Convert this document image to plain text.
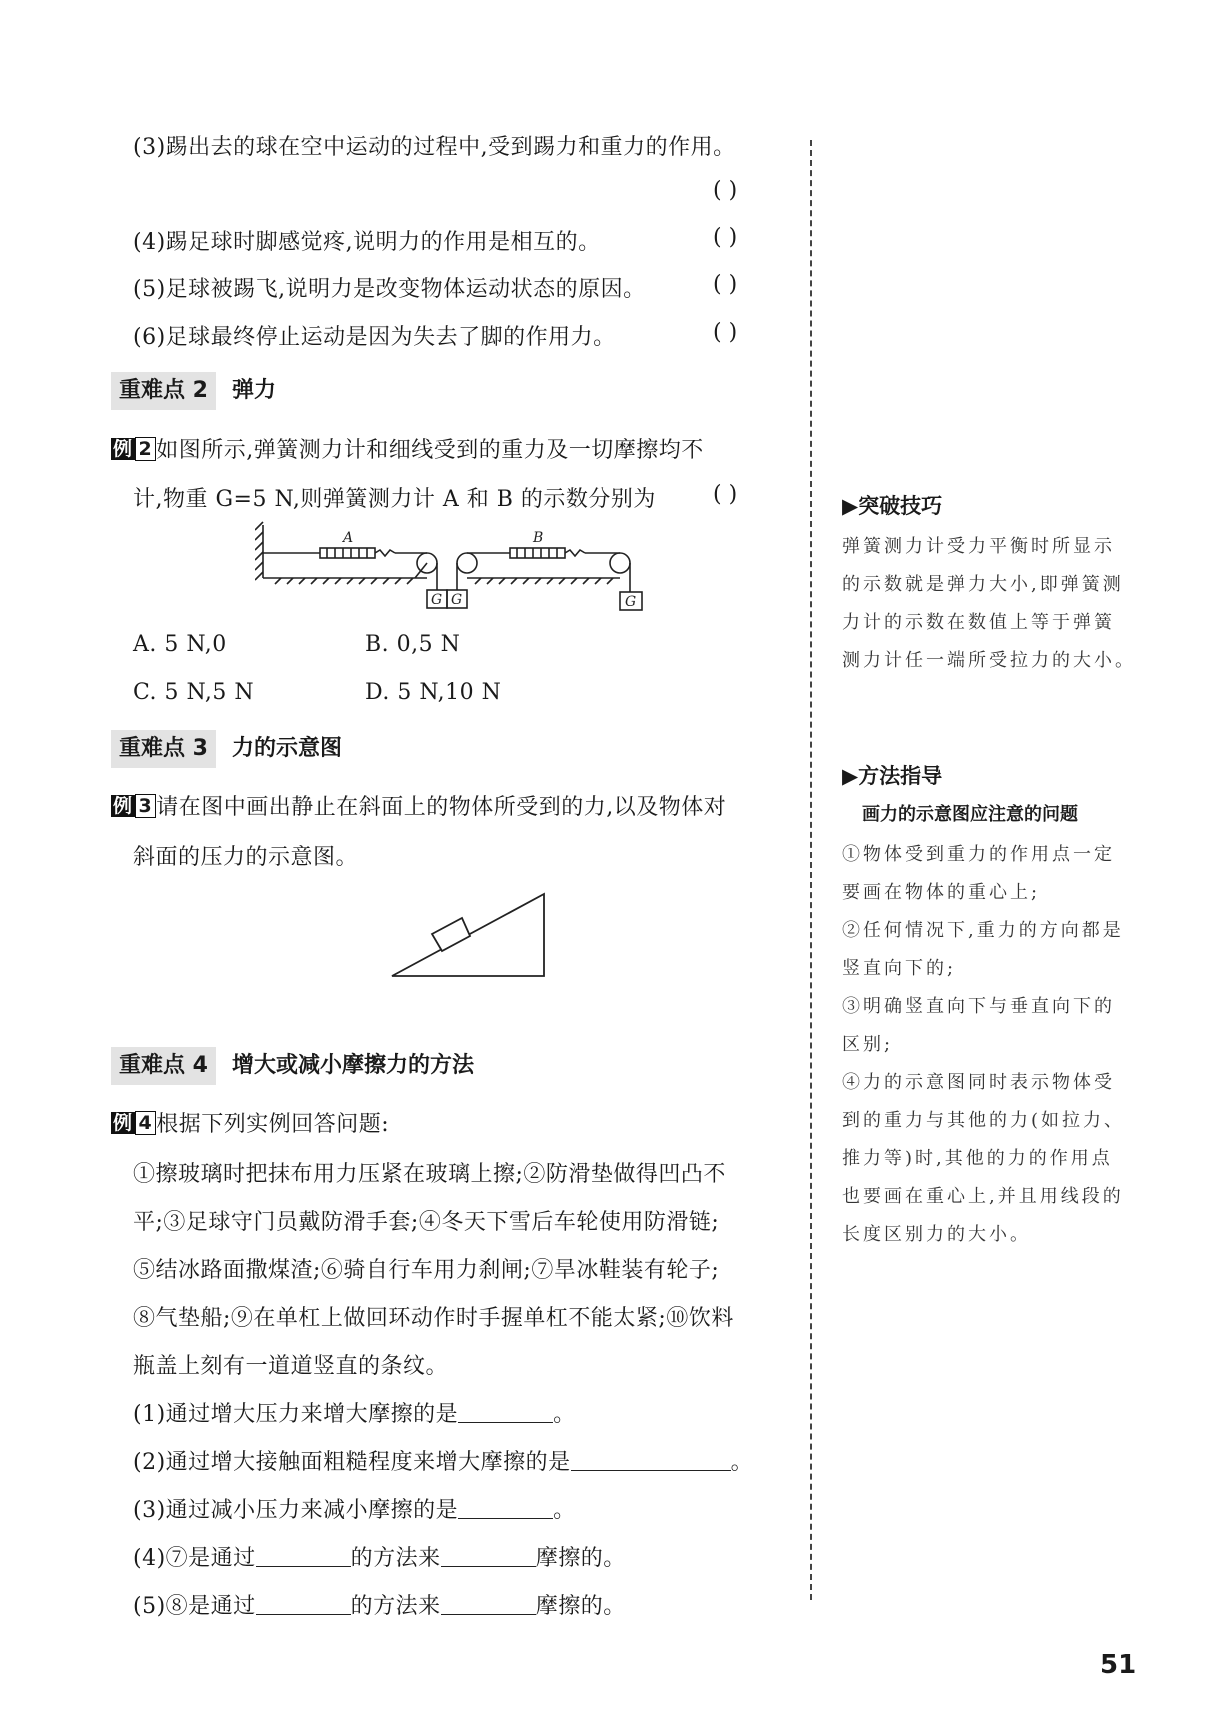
(3)踢出去的球在空中运动的过程中,受到踢力和重力的作用。
( )
(4)踢足球时脚感觉疼,说明力的作用是相互的。	( )
(5)足球被踢飞,说明力是改变物体运动状态的原因。	( )
(6)足球最终停止运动是因为失去了脚的作用力。	( )
重难点 2	弹力
例 2 如图所示,弹簧测力计和细线受到的重力及一切摩擦均不
计,物重 G=5 N,则弹簧测力计 A 和 B 的示数分别为	( )
A	B
G G	G
A. 5 N,0	B. 0,5 N
C. 5 N,5 N	D. 5 N,10 N
重难点 3	力的示意图
例 3 请在图中画出静止在斜面上的物体所受到的力,以及物体对
斜面的压力的示意图。
重难点 4	增大或减小摩擦力的方法
例 4 根据下列实例回答问题:
①擦玻璃时把抹布用力压紧在玻璃上擦;②防滑垫做得凹凸不
平;③足球守门员戴防滑手套;④冬天下雪后车轮使用防滑链;
⑤结冰路面撒煤渣;⑥骑自行车用力刹闸;⑦旱冰鞋装有轮子;
⑧气垫船;⑨在单杠上做回环动作时手握单杠不能太紧;⑩饮料
瓶盖上刻有一道道竖直的条纹。
(1)通过增大压力来增大摩擦的是	。
(2)通过增大接触面粗糙程度来增大摩擦的是	。
(3)通过减小压力来减小摩擦的是	。
(4)⑦是通过	的方法来	摩擦的。
(5)⑧是通过	的方法来	摩擦的。
▶突破技巧
弹簧测力计受力平衡时所显示
的示数就是弹力大小,即弹簧测
力计的示数在数值上等于弹簧
测力计任一端所受拉力的大小。
▶方法指导
画力的示意图应注意的问题
①物体受到重力的作用点一定
要画在物体的重心上;
②任何情况下,重力的方向都是
竖直向下的;
③明确竖直向下与垂直向下的
区别;
④力的示意图同时表示物体受
到的重力与其他的力(如拉力、
推力等)时,其他的力的作用点
也要画在重心上,并且用线段的
长度区别力的大小。
51
